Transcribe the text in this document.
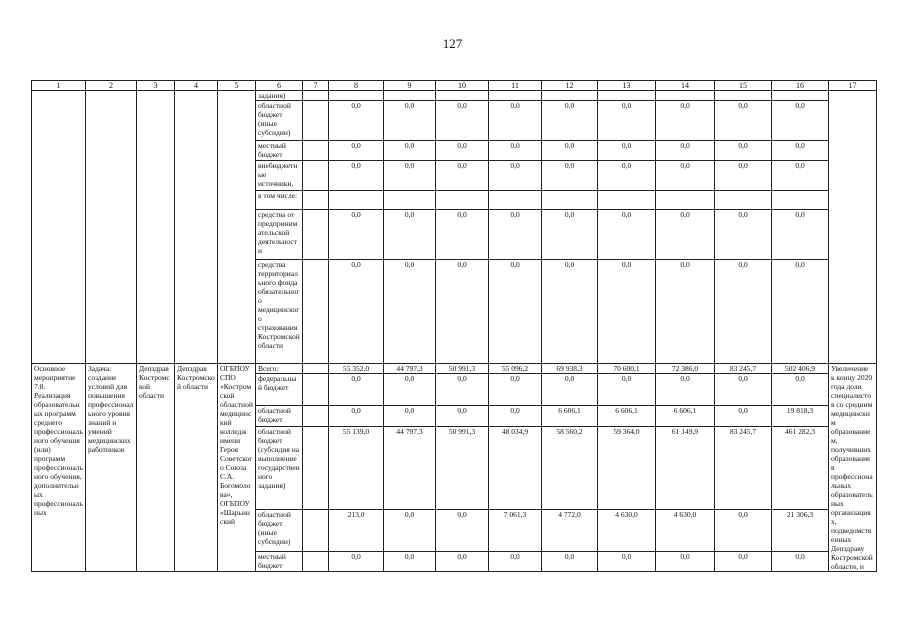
127
1	2	3	4	5	6	7	8	9	10	11	12	13	14	15	16	17
					задания)											
					областной бюджет (иные субсидии)		0,0	0,0	0,0	0,0	0,0	0,0	0,0	0,0	0,0	
					местный бюджет		0,0	0,0	0,0	0,0	0,0	0,0	0,0	0,0	0,0	
					внебюджетные источники,		0,0	0,0	0,0	0,0	0,0	0,0	0,0	0,0	0,0	
					в том числе:											
					средства от предпринимательской деятельности		0,0	0,0	0,0	0,0	0,0	0,0	0,0	0,0	0,0	
					средства территориального фонда обязательного медицинского страхования Костромской области		0,0	0,0	0,0	0,0	0,0	0,0	0,0	0,0	0,0	
Основное мероприятие 7.8. Реализация образовательных программ среднего профессионального обучения (или) программ профессионального обучения, дополнительных профессиональных	Задача: создание условий для повышения профессионального уровня знаний и умений медицинских работников	Депздрав Костромской области	Депздрав Костромской области	ОГБПОУ СПО «Костромской областной медицинский колледж имени Героя Советского Союза С.А. Богомолова», ОГБПОУ «Шарьинский	Всего:		55 352,0	44 797,3	50 991,3	55 096,2	69 938,3	70 600,1	72 386,0	83 245,7	502 406,9	Увеличение к концу 2020 года доли специалистов со средним медицинским образованием, получивших образование в профессиональных образовательных организациях, подведомственных Депздраву Костромской области, и
					федеральный бюджет		0,0	0,0	0,0	0,0	0,0	0,0	0,0	0,0	0,0	
					областной бюджет		0,0	0,0	0,0	0,0	6 606,1	6 606,1	6 606,1	0,0	19 818,3	
					областной бюджет (субсидия на выполнение государственного задания)		55 139,0	44 797,3	50 991,3	48 034,9	58 560,2	59 364,0	61 149,9	83 245,7	461 282,3	
					областной бюджет (иные субсидии)		213,0	0,0	0,0	7 061,3	4 772,0	4 630,0	4 630,0	0,0	21 306,3	
					местный бюджет		0,0	0,0	0,0	0,0	0,0	0,0	0,0	0,0	0,0	
